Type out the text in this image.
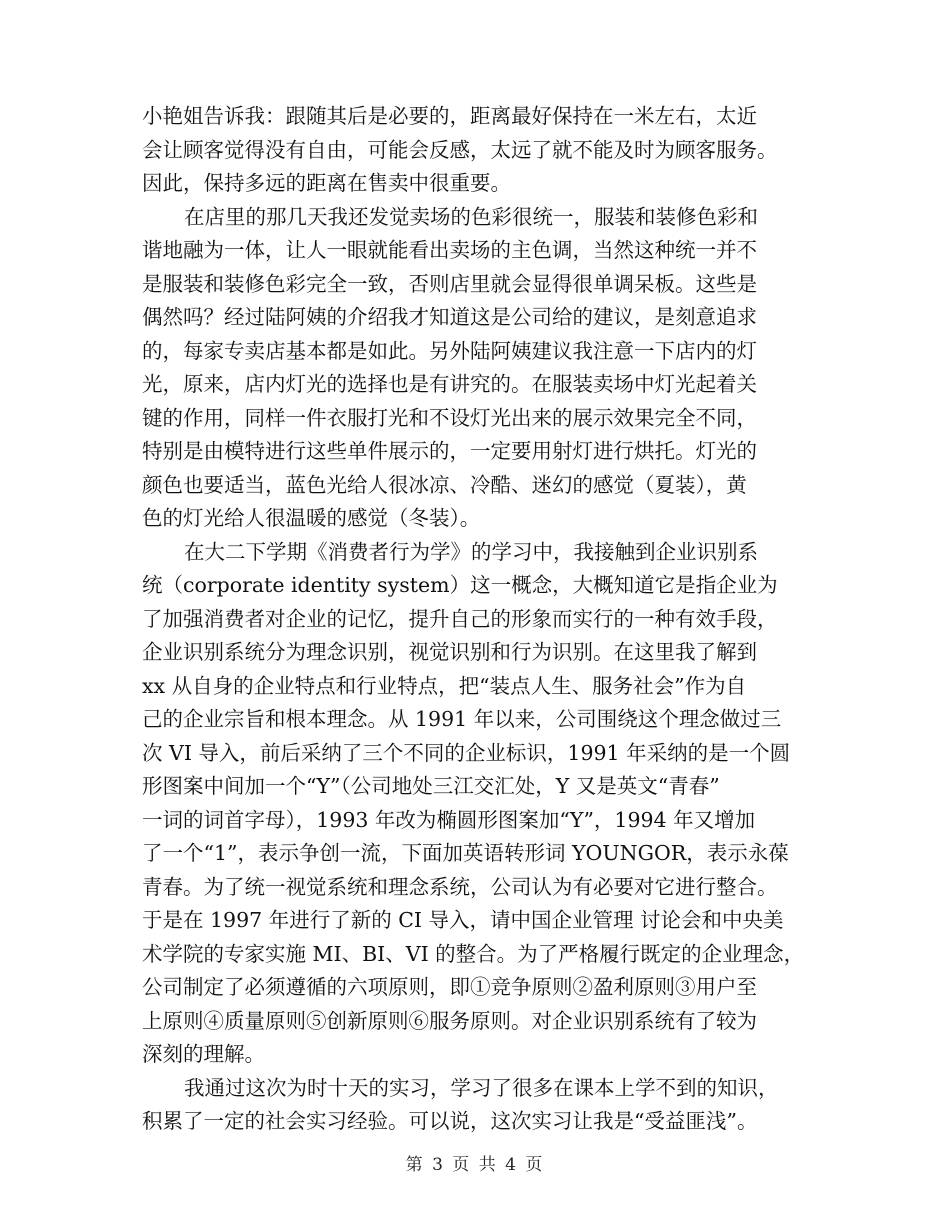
小艳姐告诉我：跟随其后是必要的，距离最好保持在一米左右，太近
会让顾客觉得没有自由，可能会反感，太远了就不能及时为顾客服务。
因此，保持多远的距离在售卖中很重要。
在店里的那几天我还发觉卖场的色彩很统一，服装和装修色彩和
谐地融为一体，让人一眼就能看出卖场的主色调，当然这种统一并不
是服装和装修色彩完全一致，否则店里就会显得很单调呆板。这些是
偶然吗？经过陆阿姨的介绍我才知道这是公司给的建议，是刻意追求
的，每家专卖店基本都是如此。另外陆阿姨建议我注意一下店内的灯
光，原来，店内灯光的选择也是有讲究的。在服装卖场中灯光起着关
键的作用，同样一件衣服打光和不设灯光出来的展示效果完全不同，
特别是由模特进行这些单件展示的，一定要用射灯进行烘托。灯光的
颜色也要适当，蓝色光给人很冰凉、冷酷、迷幻的感觉（夏装），黄
色的灯光给人很温暖的感觉（冬装）。
在大二下学期《消费者行为学》的学习中，我接触到企业识别系
统（corporate identity system）这一概念，大概知道它是指企业为
了加强消费者对企业的记忆，提升自己的形象而实行的一种有效手段，
企业识别系统分为理念识别，视觉识别和行为识别。在这里我了解到
xx 从自身的企业特点和行业特点，把“装点人生、服务社会”作为自
己的企业宗旨和根本理念。从 1991 年以来，公司围绕这个理念做过三
次 VI 导入，前后采纳了三个不同的企业标识，1991 年采纳的是一个圆
形图案中间加一个“Y”（公司地处三江交汇处，Y 又是英文“青春”
一词的词首字母），1993 年改为椭圆形图案加“Y”，1994 年又增加
了一个“1”，表示争创一流，下面加英语转形词 YOUNGOR，表示永葆
青春。为了统一视觉系统和理念系统，公司认为有必要对它进行整合。
于是在 1997 年进行了新的 CI 导入，请中国企业管理 讨论会和中央美
术学院的专家实施 MI、BI、VI 的整合。为了严格履行既定的企业理念，
公司制定了必须遵循的六项原则，即①竞争原则②盈利原则③用户至
上原则④质量原则⑤创新原则⑥服务原则。对企业识别系统有了较为
深刻的理解。
我通过这次为时十天的实习，学习了很多在课本上学不到的知识，
积累了一定的社会实习经验。可以说，这次实习让我是“受益匪浅”。
第 3 页 共 4 页
